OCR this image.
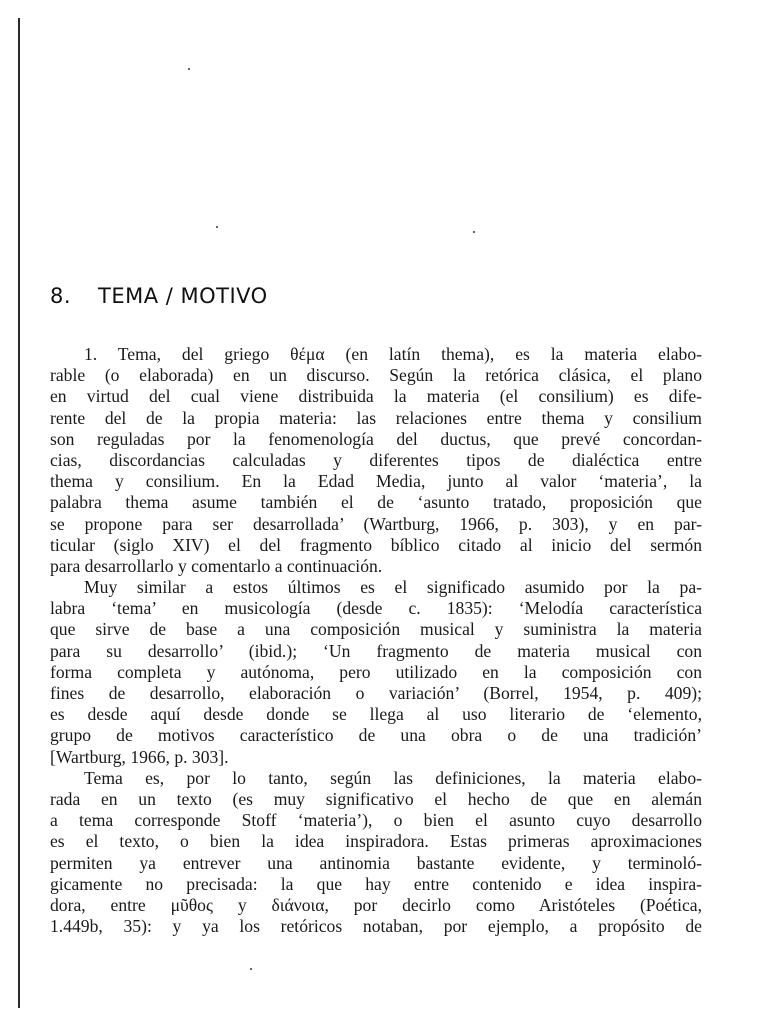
8. TEMA / MOTIVO
1. Tema, del griego θέμα (en latín thema), es la materia elabo-
rable (o elaborada) en un discurso. Según la retórica clásica, el plano
en virtud del cual viene distribuida la materia (el consilium) es dife-
rente del de la propia materia: las relaciones entre thema y consilium
son reguladas por la fenomenología del ductus, que prevé concordan-
cias, discordancias calculadas y diferentes tipos de dialéctica entre
thema y consilium. En la Edad Media, junto al valor ‘materia’, la
palabra thema asume también el de ‘asunto tratado, proposición que
se propone para ser desarrollada’ (Wartburg, 1966, p. 303), y en par-
ticular (siglo XIV) el del fragmento bíblico citado al inicio del sermón
para desarrollarlo y comentarlo a continuación.
Muy similar a estos últimos es el significado asumido por la pa-
labra ‘tema’ en musicología (desde c. 1835): ‘Melodía característica
que sirve de base a una composición musical y suministra la materia
para su desarrollo’ (ibid.); ‘Un fragmento de materia musical con
forma completa y autónoma, pero utilizado en la composición con
fines de desarrollo, elaboración o variación’ (Borrel, 1954, p. 409);
es desde aquí desde donde se llega al uso literario de ‘elemento,
grupo de motivos característico de una obra o de una tradición’
[Wartburg, 1966, p. 303].
Tema es, por lo tanto, según las definiciones, la materia elabo-
rada en un texto (es muy significativo el hecho de que en alemán
a tema corresponde Stoff ‘materia’), o bien el asunto cuyo desarrollo
es el texto, o bien la idea inspiradora. Estas primeras aproximaciones
permiten ya entrever una antinomia bastante evidente, y terminoló-
gicamente no precisada: la que hay entre contenido e idea inspira-
dora, entre μῦθος y διάνοια, por decirlo como Aristóteles (Poética,
1.449b, 35): y ya los retóricos notaban, por ejemplo, a propósito de
